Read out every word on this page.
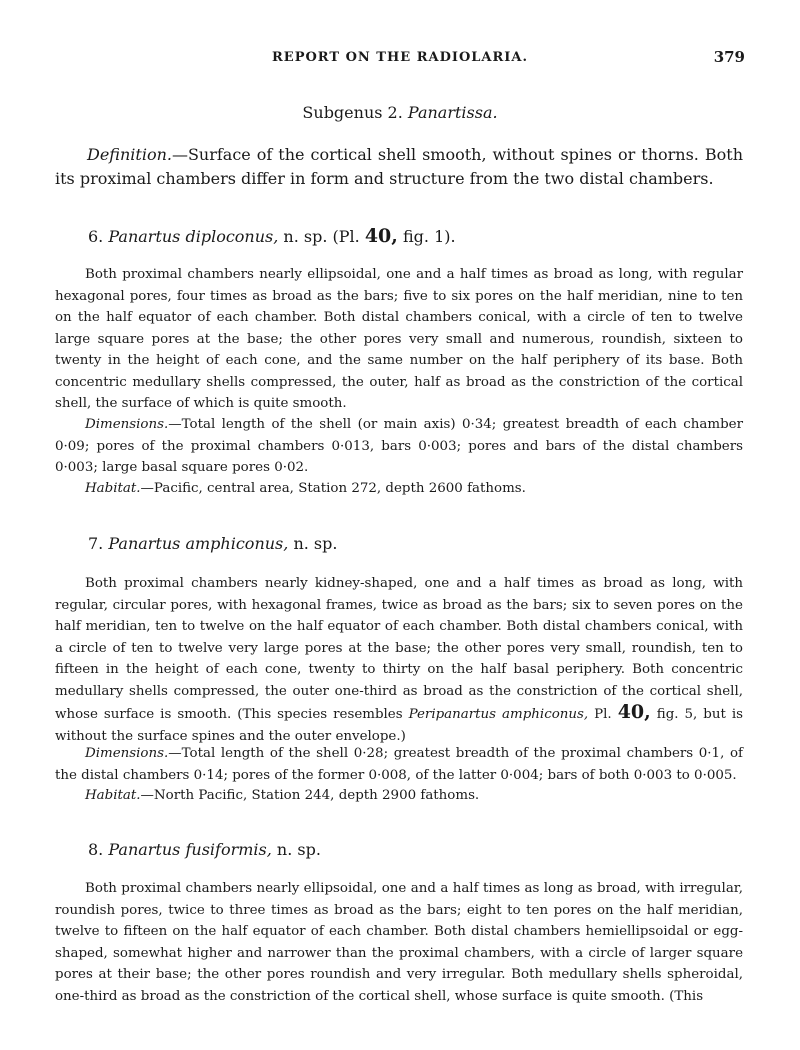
REPORT ON THE RADIOLARIA.	379
Subgenus 2. Panartissa.

Definition.—Surface of the cortical shell smooth, without spines or thorns. Both its proximal chambers differ in form and structure from the two distal chambers.

6. Panartus diploconus, n. sp. (Pl. 40, fig. 1).

Both proximal chambers nearly ellipsoidal, one and a half times as broad as long, with regular hexagonal pores, four times as broad as the bars; five to six pores on the half meridian, nine to ten on the half equator of each chamber. Both distal chambers conical, with a circle of ten to twelve large square pores at the base; the other pores very small and numerous, roundish, sixteen to twenty in the height of each cone, and the same number on the half periphery of its base. Both concentric medullary shells compressed, the outer, half as broad as the constriction of the cortical shell, the surface of which is quite smooth.

Dimensions.—Total length of the shell (or main axis) 0·34; greatest breadth of each chamber 0·09; pores of the proximal chambers 0·013, bars 0·003; pores and bars of the distal chambers 0·003; large basal square pores 0·02.

Habitat.—Pacific, central area, Station 272, depth 2600 fathoms.

7. Panartus amphiconus, n. sp.

Both proximal chambers nearly kidney-shaped, one and a half times as broad as long, with regular, circular pores, with hexagonal frames, twice as broad as the bars; six to seven pores on the half meridian, ten to twelve on the half equator of each chamber. Both distal chambers conical, with a circle of ten to twelve very large pores at the base; the other pores very small, roundish, ten to fifteen in the height of each cone, twenty to thirty on the half basal periphery. Both concentric medullary shells compressed, the outer one-third as broad as the constriction of the cortical shell, whose surface is smooth. (This species resembles Peripanartus amphiconus, Pl. 40, fig. 5, but is without the surface spines and the outer envelope.)

Dimensions.—Total length of the shell 0·28; greatest breadth of the proximal chambers 0·1, of the distal chambers 0·14; pores of the former 0·008, of the latter 0·004; bars of both 0·003 to 0·005.

Habitat.—North Pacific, Station 244, depth 2900 fathoms.

8. Panartus fusiformis, n. sp.

Both proximal chambers nearly ellipsoidal, one and a half times as long as broad, with irregular, roundish pores, twice to three times as broad as the bars; eight to ten pores on the half meridian, twelve to fifteen on the half equator of each chamber. Both distal chambers hemiellipsoidal or egg-shaped, somewhat higher and narrower than the proximal chambers, with a circle of larger square pores at their base; the other pores roundish and very irregular. Both medullary shells spheroidal, one-third as broad as the constriction of the cortical shell, whose surface is quite smooth. (This
